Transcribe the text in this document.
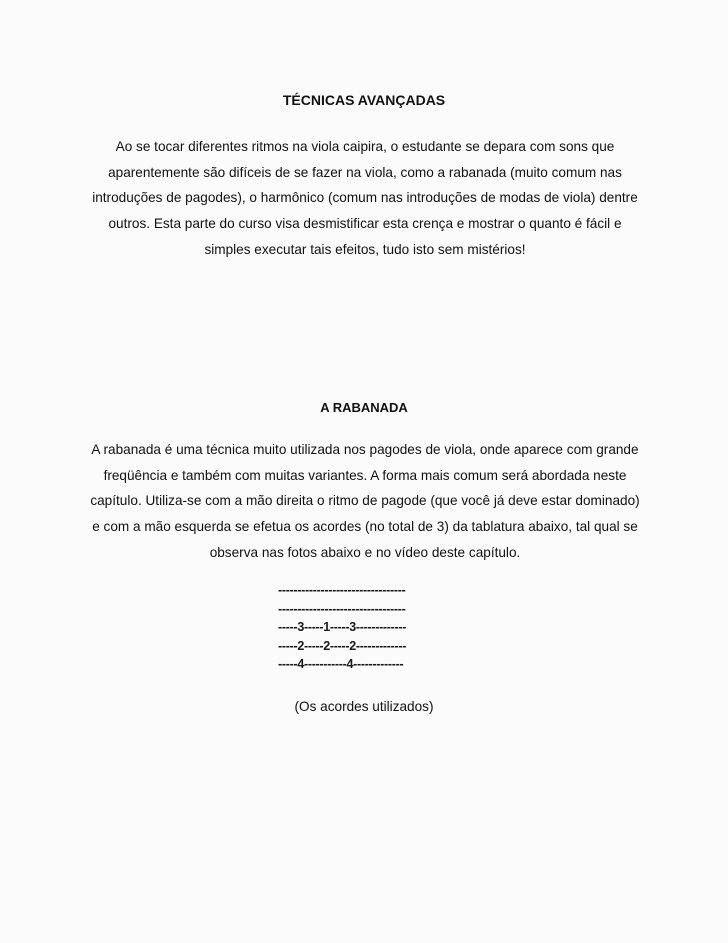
TÉCNICAS AVANÇADAS
Ao se tocar diferentes ritmos na viola caipira, o estudante se depara com sons que
aparentemente são difíceis de se fazer na viola, como a rabanada (muito comum nas
introduções de pagodes), o harmônico (comum nas introduções de modas de viola) dentre
outros. Esta parte do curso visa desmistificar esta crença e mostrar o quanto é fácil e
simples executar tais efeitos, tudo isto sem mistérios!
A RABANADA
A rabanada é uma técnica muito utilizada nos pagodes de viola, onde aparece com grande
freqüência e também com muitas variantes. A forma mais comum será abordada neste
capítulo. Utiliza-se com a mão direita o ritmo de pagode (que você já deve estar dominado)
e com a mão esquerda se efetua os acordes (no total de 3) da tablatura abaixo, tal qual se
observa nas fotos abaixo e no vídeo deste capítulo.
---------------------------------
---------------------------------
-----3-----1-----3-------------
-----2-----2-----2-------------
-----4-----------4-------------
(Os acordes utilizados)
